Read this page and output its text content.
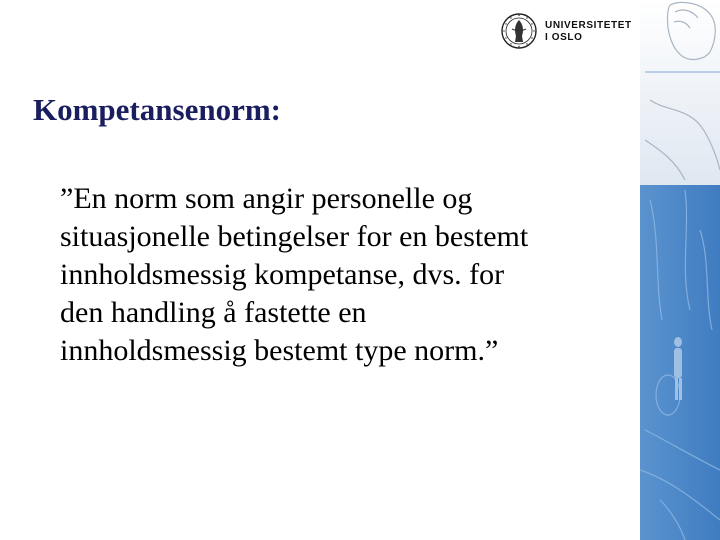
UNIVERSITETET
I OSLO
Kompetansenorm:
”En norm som angir personelle og
situasjonelle betingelser for en bestemt
innholdsmessig kompetanse, dvs. for
den handling å fastette en
innholdsmessig bestemt type norm.”
